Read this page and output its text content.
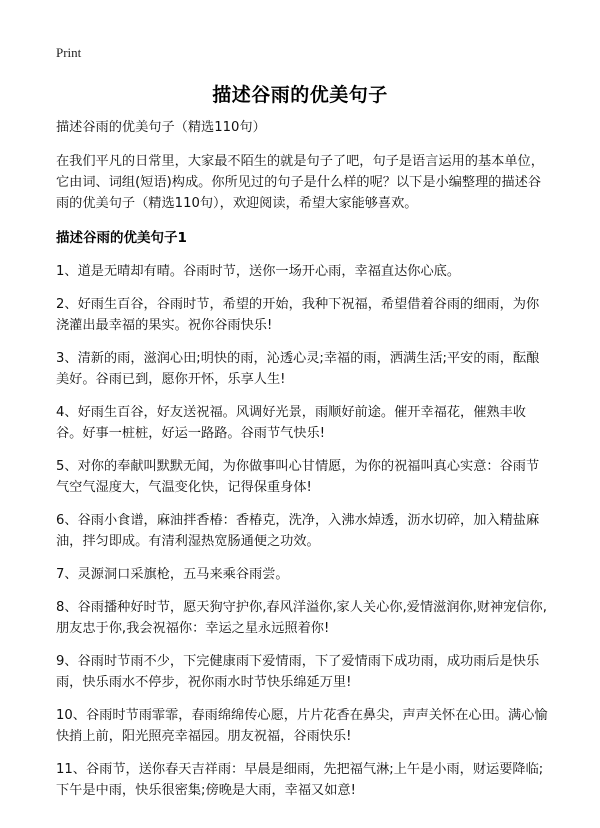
Print
描述谷雨的优美句子

描述谷雨的优美句子（精选110句）

在我们平凡的日常里，大家最不陌生的就是句子了吧，句子是语言运用的基本单位，它由词、词组(短语)构成。你所见过的句子是什么样的呢？以下是小编整理的描述谷雨的优美句子（精选110句），欢迎阅读，希望大家能够喜欢。

描述谷雨的优美句子1

1、道是无晴却有晴。谷雨时节，送你一场开心雨，幸福直达你心底。

2、好雨生百谷，谷雨时节，希望的开始，我种下祝福，希望借着谷雨的细雨，为你浇灌出最幸福的果实。祝你谷雨快乐!

3、清新的雨，滋润心田;明快的雨，沁透心灵;幸福的雨，洒满生活;平安的雨，酝酿美好。谷雨已到，愿你开怀，乐享人生!

4、好雨生百谷，好友送祝福。风调好光景，雨顺好前途。催开幸福花，催熟丰收谷。好事一桩桩，好运一路路。谷雨节气快乐!

5、对你的奉献叫默默无闻，为你做事叫心甘情愿，为你的祝福叫真心实意：谷雨节气空气湿度大，气温变化快，记得保重身体!

6、谷雨小食谱，麻油拌香椿：香椿克，洗净，入沸水焯透，沥水切碎，加入精盐麻油，拌匀即成。有清利湿热宽肠通便之功效。

7、灵源洞口采旗枪，五马来乘谷雨尝。

8、谷雨播种好时节，愿天狗守护你,春风洋溢你,家人关心你,爱情滋润你,财神宠信你,朋友忠于你,我会祝福你：幸运之星永远照着你!

9、谷雨时节雨不少，下完健康雨下爱情雨，下了爱情雨下成功雨，成功雨后是快乐雨，快乐雨水不停步，祝你雨水时节快乐绵延万里!

10、谷雨时节雨霏霏，春雨绵绵传心愿，片片花香在鼻尖，声声关怀在心田。满心愉快捎上前，阳光照亮幸福园。朋友祝福，谷雨快乐!

11、谷雨节，送你春天吉祥雨：早晨是细雨，先把福气淋;上午是小雨，财运要降临;下午是中雨，快乐很密集;傍晚是大雨，幸福又如意!
